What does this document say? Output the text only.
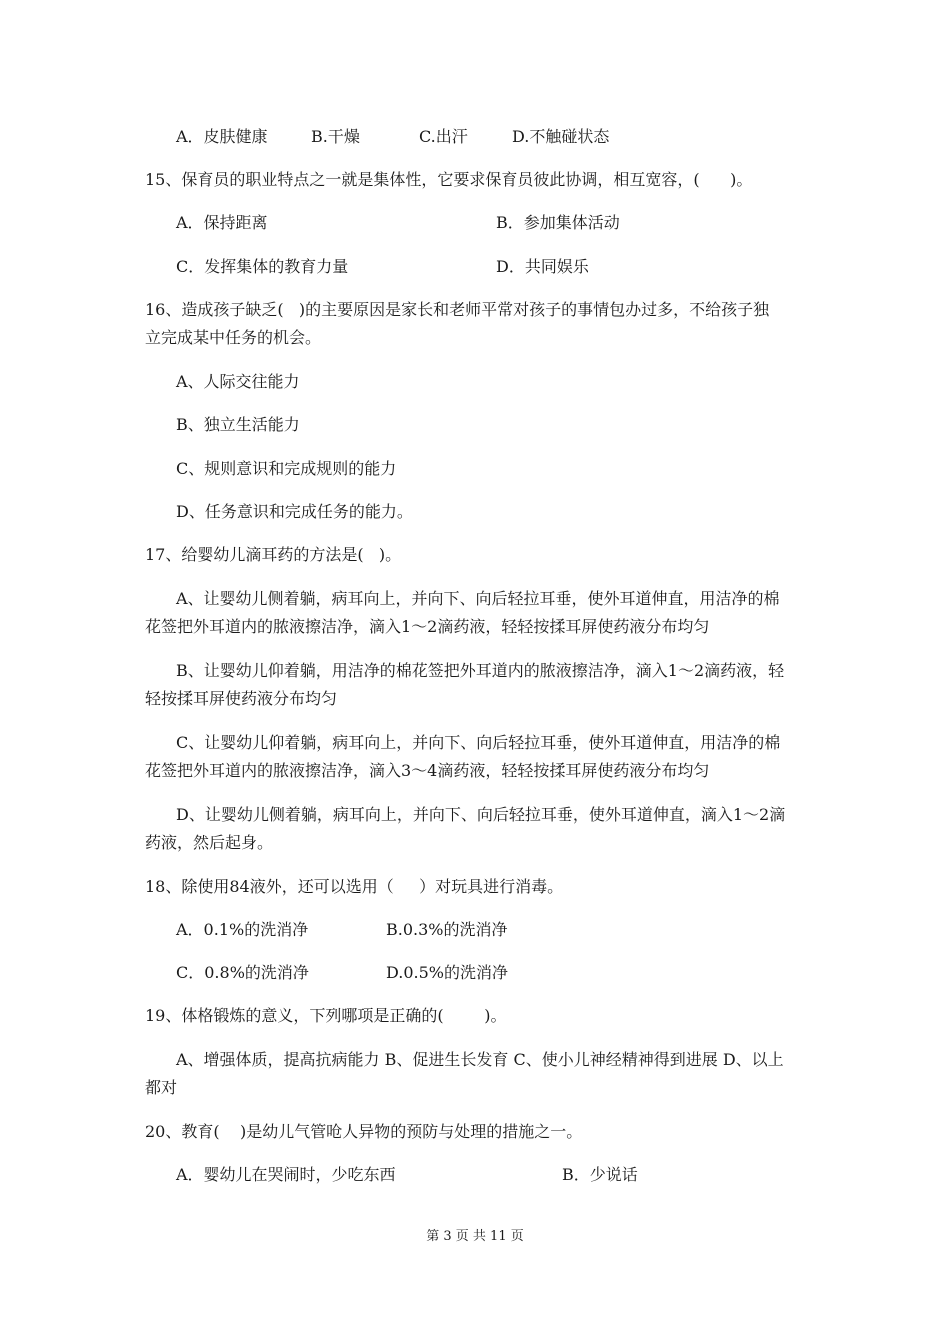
A．皮肤健康	B.干燥	C.出汗	D.不触碰状态
15、保育员的职业特点之一就是集体性，它要求保育员彼此协调，相互宽容，(      )。
A．保持距离	B．参加集体活动
C．发挥集体的教育力量	D．共同娱乐
16、造成孩子缺乏(   )的主要原因是家长和老师平常对孩子的事情包办过多，不给孩子独
立完成某中任务的机会。
A、人际交往能力
B、独立生活能力
C、规则意识和完成规则的能力
D、任务意识和完成任务的能力。
17、给婴幼儿滴耳药的方法是(   )。
A、让婴幼儿侧着躺，病耳向上，并向下、向后轻拉耳垂，使外耳道伸直，用洁净的棉
花签把外耳道内的脓液擦洁净，滴入1～2滴药液，轻轻按揉耳屏使药液分布均匀
B、让婴幼儿仰着躺，用洁净的棉花签把外耳道内的脓液擦洁净，滴入1～2滴药液，轻
轻按揉耳屏使药液分布均匀
C、让婴幼儿仰着躺，病耳向上，并向下、向后轻拉耳垂，使外耳道伸直，用洁净的棉
花签把外耳道内的脓液擦洁净，滴入3～4滴药液，轻轻按揉耳屏使药液分布均匀
D、让婴幼儿侧着躺，病耳向上，并向下、向后轻拉耳垂，使外耳道伸直，滴入1～2滴
药液，然后起身。
18、除使用84液外，还可以选用（     ）对玩具进行消毒。
A．0.1%的洗消净	B.0.3%的洗消净
C．0.8%的洗消净	D.0.5%的洗消净
19、体格锻炼的意义，下列哪项是正确的(        )。
A、增强体质，提高抗病能力 B、促进生长发育 C、使小儿神经精神得到进展 D、以上
都对
20、教育(    )是幼儿气管呛人异物的预防与处理的措施之一。
A．婴幼儿在哭闹时，少吃东西	B．少说话
第 3 页 共 11 页
